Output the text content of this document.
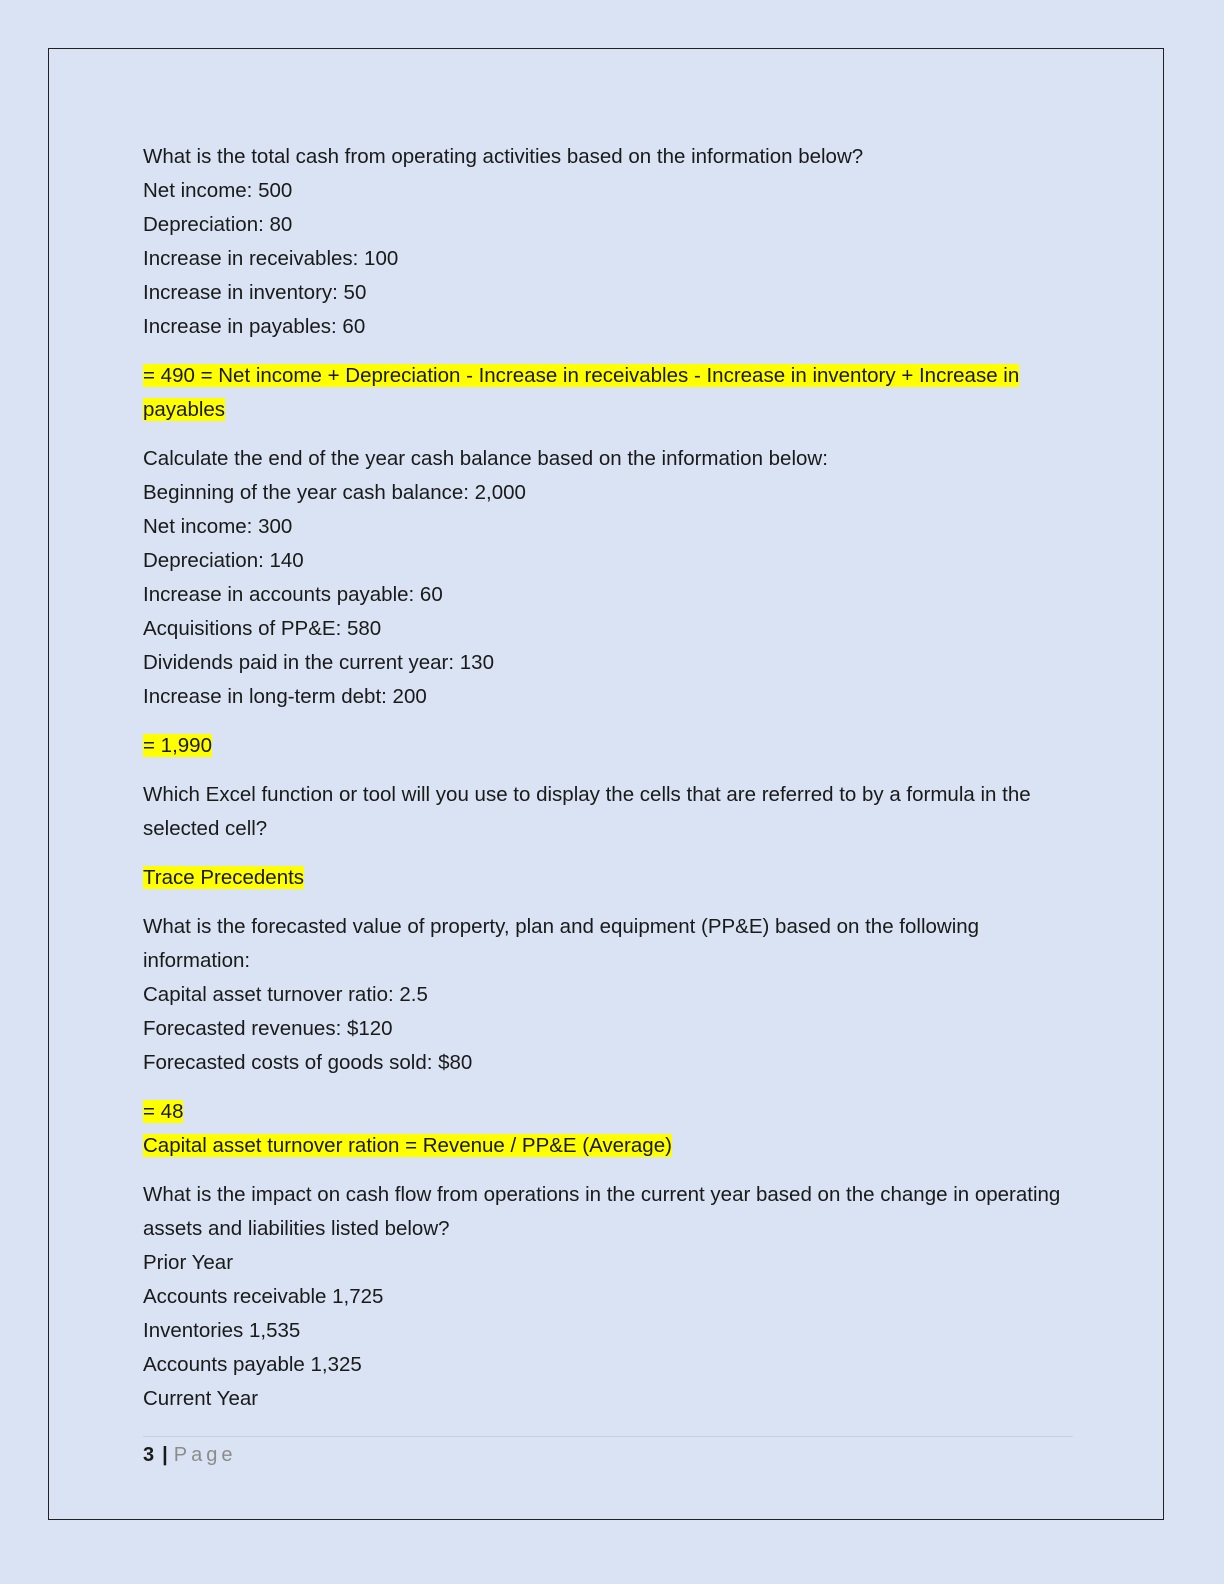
What is the total cash from operating activities based on the information below?
Net income: 500
Depreciation: 80
Increase in receivables: 100
Increase in inventory: 50
Increase in payables: 60
= 490 = Net income + Depreciation - Increase in receivables - Increase in inventory + Increase in payables
Calculate the end of the year cash balance based on the information below:
Beginning of the year cash balance: 2,000
Net income: 300
Depreciation: 140
Increase in accounts payable: 60
Acquisitions of PP&E: 580
Dividends paid in the current year: 130
Increase in long-term debt: 200
= 1,990
Which Excel function or tool will you use to display the cells that are referred to by a formula in the selected cell?
Trace Precedents
What is the forecasted value of property, plan and equipment (PP&E) based on the following information:
Capital asset turnover ratio: 2.5
Forecasted revenues: $120
Forecasted costs of goods sold: $80
= 48
Capital asset turnover ration = Revenue / PP&E (Average)
What is the impact on cash flow from operations in the current year based on the change in operating assets and liabilities listed below?
Prior Year
Accounts receivable 1,725
Inventories 1,535
Accounts payable 1,325
Current Year
3 | Page
